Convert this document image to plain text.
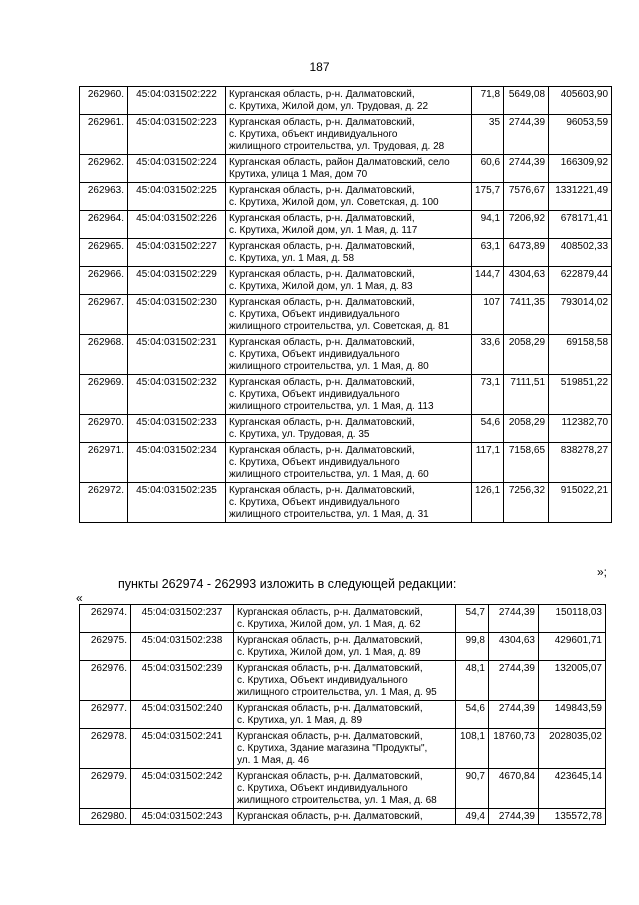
187
262960.	45:04:031502:222	Курганская область, р-н. Далматовский,
с. Крутиха, Жилой дом, ул. Трудовая, д. 22	71,8	5649,08	405603,90
262961.	45:04:031502:223	Курганская область, р-н. Далматовский,
с. Крутиха, объект индивидуального
жилищного строительства, ул. Трудовая, д. 28	35	2744,39	96053,59
262962.	45:04:031502:224	Курганская область, район Далматовский, село
Крутиха, улица 1 Мая, дом 70	60,6	2744,39	166309,92
262963.	45:04:031502:225	Курганская область, р-н. Далматовский,
с. Крутиха, Жилой дом, ул. Советская, д. 100	175,7	7576,67	1331221,49
262964.	45:04:031502:226	Курганская область, р-н. Далматовский,
с. Крутиха, Жилой дом, ул. 1 Мая, д. 117	94,1	7206,92	678171,41
262965.	45:04:031502:227	Курганская область, р-н. Далматовский,
с. Крутиха, ул. 1 Мая, д. 58	63,1	6473,89	408502,33
262966.	45:04:031502:229	Курганская область, р-н. Далматовский,
с. Крутиха, Жилой дом, ул. 1 Мая, д. 83	144,7	4304,63	622879,44
262967.	45:04:031502:230	Курганская область, р-н. Далматовский,
с. Крутиха, Объект индивидуального
жилищного строительства, ул. Советская, д. 81	107	7411,35	793014,02
262968.	45:04:031502:231	Курганская область, р-н. Далматовский,
с. Крутиха, Объект индивидуального
жилищного строительства, ул. 1 Мая, д. 80	33,6	2058,29	69158,58
262969.	45:04:031502:232	Курганская область, р-н. Далматовский,
с. Крутиха, Объект индивидуального
жилищного строительства, ул. 1 Мая, д. 113	73,1	7111,51	519851,22
262970.	45:04:031502:233	Курганская область, р-н. Далматовский,
с. Крутиха, ул. Трудовая, д. 35	54,6	2058,29	112382,70
262971.	45:04:031502:234	Курганская область, р-н. Далматовский,
с. Крутиха, Объект индивидуального
жилищного строительства, ул. 1 Мая, д. 60	117,1	7158,65	838278,27
262972.	45:04:031502:235	Курганская область, р-н. Далматовский,
с. Крутиха, Объект индивидуального
жилищного строительства, ул. 1 Мая, д. 31	126,1	7256,32	915022,21
»;
пункты 262974 - 262993 изложить в следующей редакции:
«
262974.	45:04:031502:237	Курганская область, р-н. Далматовский,
с. Крутиха, Жилой дом, ул. 1 Мая, д. 62	54,7	2744,39	150118,03
262975.	45:04:031502:238	Курганская область, р-н. Далматовский,
с. Крутиха, Жилой дом, ул. 1 Мая, д. 89	99,8	4304,63	429601,71
262976.	45:04:031502:239	Курганская область, р-н. Далматовский,
с. Крутиха, Объект индивидуального
жилищного строительства, ул. 1 Мая, д. 95	48,1	2744,39	132005,07
262977.	45:04:031502:240	Курганская область, р-н. Далматовский,
с. Крутиха, ул. 1 Мая, д. 89	54,6	2744,39	149843,59
262978.	45:04:031502:241	Курганская область, р-н. Далматовский,
с. Крутиха, Здание магазина "Продукты",
ул. 1 Мая, д. 46	108,1	18760,73	2028035,02
262979.	45:04:031502:242	Курганская область, р-н. Далматовский,
с. Крутиха, Объект индивидуального
жилищного строительства, ул. 1 Мая, д. 68	90,7	4670,84	423645,14
262980.	45:04:031502:243	Курганская область, р-н. Далматовский,	49,4	2744,39	135572,78
